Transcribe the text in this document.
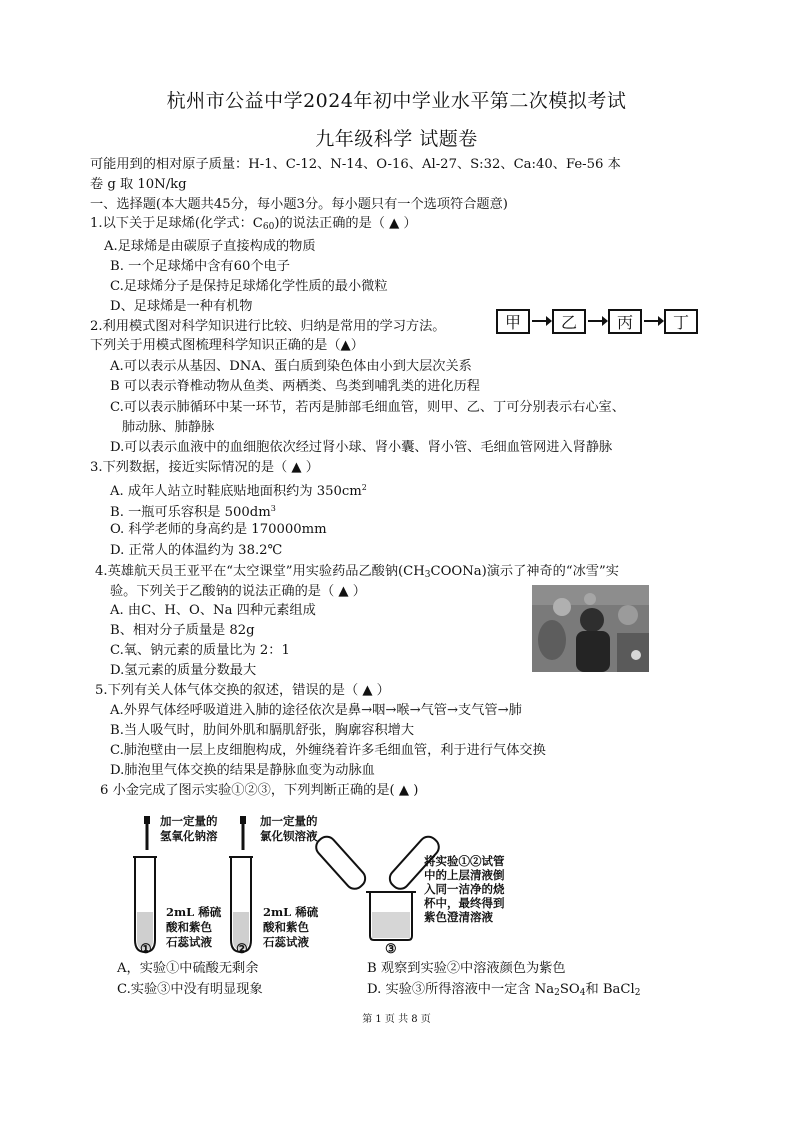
杭州市公益中学2024年初中学业水平第二次模拟考试
九年级科学 试题卷
可能用到的相对原子质量：H-1、C-12、N-14、O-16、Al-27、S:32、Ca:40、Fe-56 本
卷 g 取 10N/kg
一、选择题(本大题共45分，每小题3分。每小题只有一个选项符合题意)
1.以下关于足球烯(化学式：$C_{60}$)的说法正确的是（ ▲ ）
A.足球烯是由碳原子直接构成的物质
B. 一个足球烯中含有60个电子
C.足球烯分子是保持足球烯化学性质的最小微粒
D、足球烯是一种有机物
2.利用模式图对科学知识进行比较、归纳是常用的学习方法。	甲	乙	丙	丁
下列关于用模式图梳理科学知识正确的是（▲）
A.可以表示从基因、DNA、蛋白质到染色体由小到大层次关系
B 可以表示脊椎动物从鱼类、两栖类、鸟类到哺乳类的进化历程
C.可以表示肺循环中某一环节，若丙是肺部毛细血管，则甲、乙、丁可分别表示右心室、
肺动脉、肺静脉
D.可以表示血液中的血细胞依次经过肾小球、肾小囊、肾小管、毛细血管网进入肾静脉
3.下列数据，接近实际情况的是（ ▲ ）
A. 成年人站立时鞋底贴地面积约为 $350cm^2$
B. 一瓶可乐容积是 $500dm^3$
O. 科学老师的身高约是 170000mm
D. 正常人的体温约为 38.2℃
4.英雄航天员王亚平在“太空课堂”用实验药品乙酸钠$(CH_3COONa)$演示了神奇的“冰雪”实
验。下列关于乙酸钠的说法正确的是（ ▲ ）
A. 由C、H、O、Na 四种元素组成
B、相对分子质量是 82g
C.氧、钠元素的质量比为 2：1
D.氢元素的质量分数最大
5.下列有关人体气体交换的叙述，错误的是（ ▲ ）
A.外界气体经呼吸道进入肺的途径依次是鼻→咽→喉→气管→支气管→肺
B.当人吸气时，肋间外肌和膈肌舒张，胸廓容积增大
C.肺泡壁由一层上皮细胞构成，外缠绕着许多毛细血管，利于进行气体交换
D.肺泡里气体交换的结果是静脉血变为动脉血
6 小金完成了图示实验①②③，下列判断正确的是( ▲ )
加一定量的
氢氧化钠溶
加一定量的
氯化钡溶液
2mL 稀硫
酸和紫色
石蕊试液
2mL 稀硫
酸和紫色
石蕊试液
将实验①②试管
中的上层清液倒
入同一洁净的烧
杯中，最终得到
紫色澄清溶液
①	②	③
A，实验①中硫酸无剩余	B 观察到实验②中溶液颜色为紫色
C.实验③中没有明显现象	D. 实验③所得溶液中一定含 $Na_2SO_4$和 BaCl$_2$
第 1 页 共 8 页
